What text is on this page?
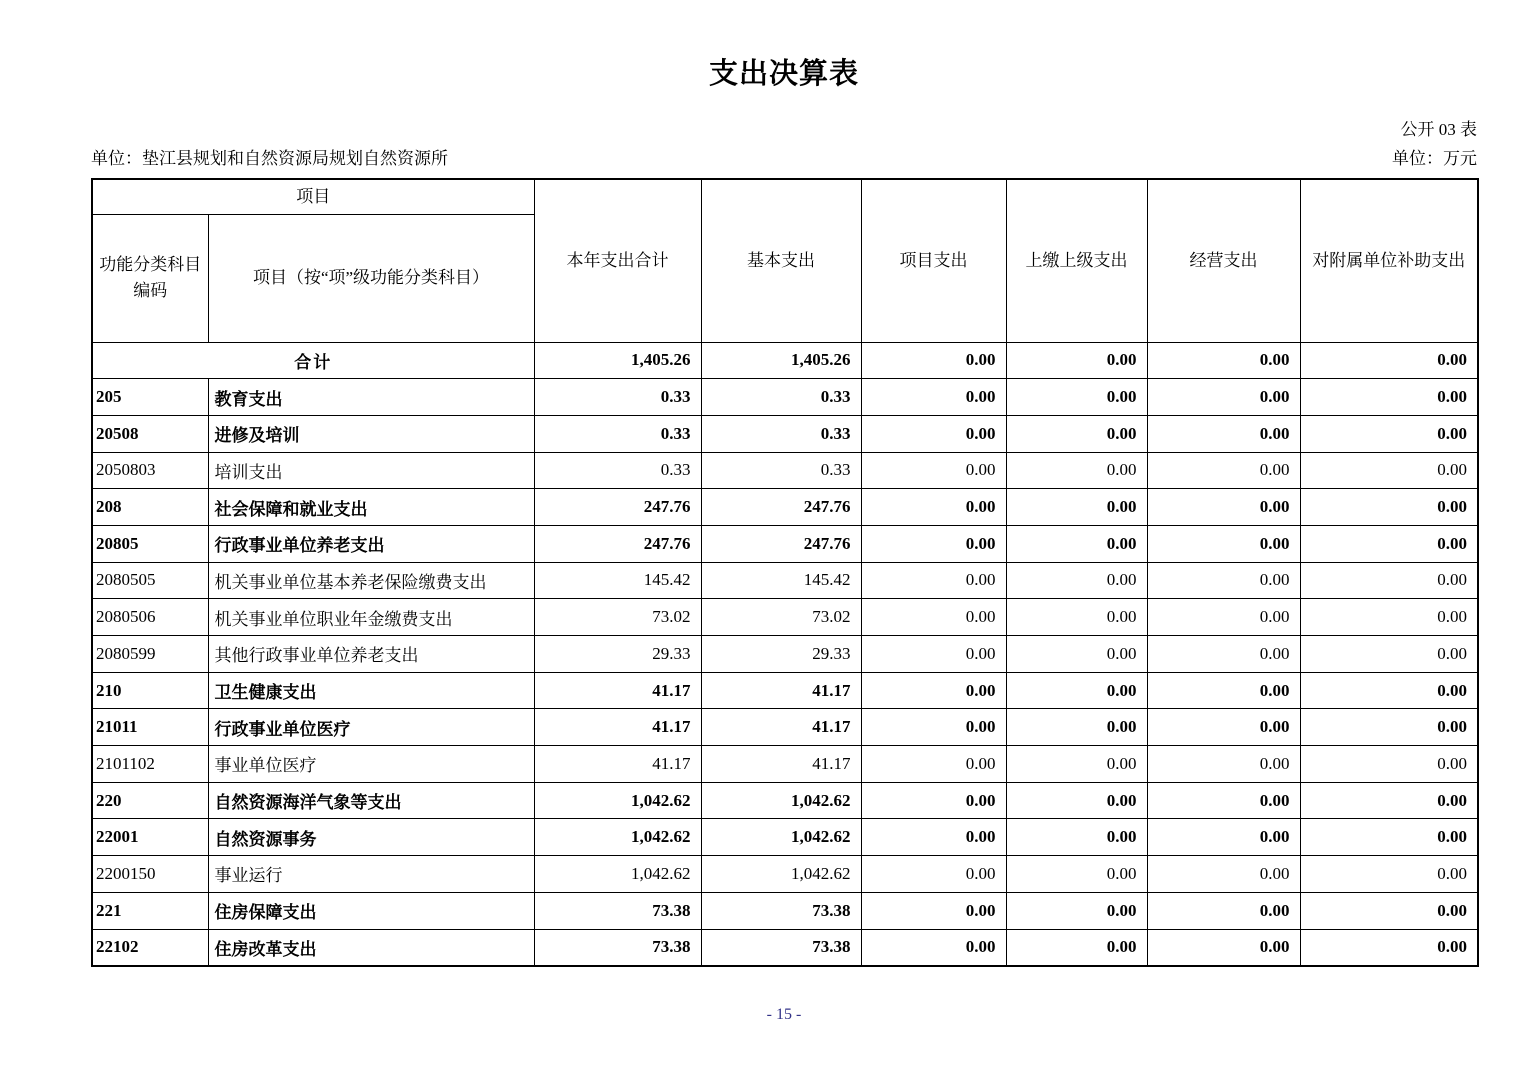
支出决算表
公开 03 表
单位：垫江县规划和自然资源局规划自然资源所	单位：万元
项目		本年支出合计	基本支出	项目支出	上缴上级支出	经营支出	对附属单位补助支出
功能分类科目编码	项目（按“项”级功能分类科目）						
合计		1,405.26	1,405.26	0.00	0.00	0.00	0.00
205	教育支出	0.33	0.33	0.00	0.00	0.00	0.00
20508	进修及培训	0.33	0.33	0.00	0.00	0.00	0.00
2050803	培训支出	0.33	0.33	0.00	0.00	0.00	0.00
208	社会保障和就业支出	247.76	247.76	0.00	0.00	0.00	0.00
20805	行政事业单位养老支出	247.76	247.76	0.00	0.00	0.00	0.00
2080505	机关事业单位基本养老保险缴费支出	145.42	145.42	0.00	0.00	0.00	0.00
2080506	机关事业单位职业年金缴费支出	73.02	73.02	0.00	0.00	0.00	0.00
2080599	其他行政事业单位养老支出	29.33	29.33	0.00	0.00	0.00	0.00
210	卫生健康支出	41.17	41.17	0.00	0.00	0.00	0.00
21011	行政事业单位医疗	41.17	41.17	0.00	0.00	0.00	0.00
2101102	事业单位医疗	41.17	41.17	0.00	0.00	0.00	0.00
220	自然资源海洋气象等支出	1,042.62	1,042.62	0.00	0.00	0.00	0.00
22001	自然资源事务	1,042.62	1,042.62	0.00	0.00	0.00	0.00
2200150	事业运行	1,042.62	1,042.62	0.00	0.00	0.00	0.00
221	住房保障支出	73.38	73.38	0.00	0.00	0.00	0.00
22102	住房改革支出	73.38	73.38	0.00	0.00	0.00	0.00
- 15 -
